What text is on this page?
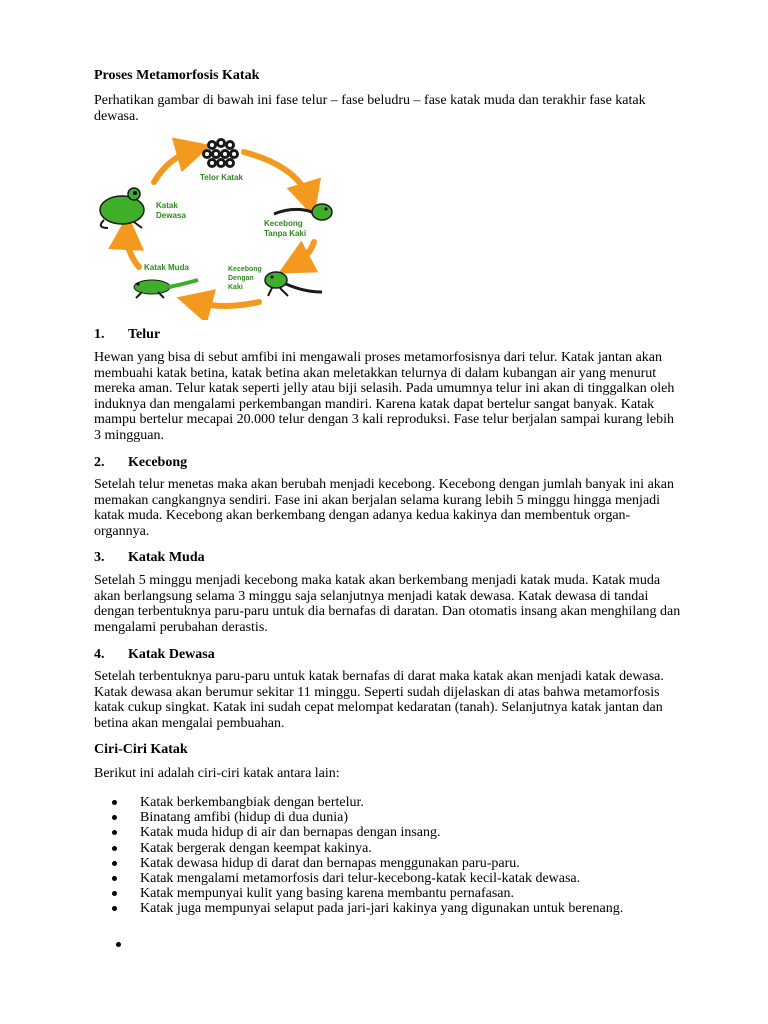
Proses Metamorfosis Katak
Perhatikan gambar di bawah ini fase telur – fase beludru – fase katak muda dan terakhir fase katak dewasa.
Telor Katak
Kecebong Tanpa Kaki
Kecebong Dengan Kaki
Katak Muda
Katak Dewasa
1. Telur
Hewan yang bisa di sebut amfibi ini mengawali proses metamorfosisnya dari telur. Katak jantan akan membuahi katak betina, katak betina akan meletakkan telurnya di dalam kubangan air yang menurut mereka aman. Telur katak seperti jelly atau biji selasih. Pada umumnya telur ini akan di tinggalkan oleh induknya dan mengalami perkembangan mandiri. Karena katak dapat bertelur sangat banyak. Katak mampu bertelur mecapai 20.000 telur dengan 3 kali reproduksi. Fase telur berjalan sampai kurang lebih 3 mingguan.
2. Kecebong
Setelah telur menetas maka akan berubah menjadi kecebong. Kecebong dengan jumlah banyak ini akan memakan cangkangnya sendiri. Fase ini akan berjalan selama kurang lebih 5 minggu hingga menjadi katak muda. Kecebong akan berkembang dengan adanya kedua kakinya dan membentuk organ-organnya.
3. Katak Muda
Setelah 5 minggu menjadi kecebong maka katak akan berkembang menjadi katak muda. Katak muda akan berlangsung selama 3 minggu saja selanjutnya menjadi katak dewasa. Katak dewasa di tandai dengan terbentuknya paru-paru untuk dia bernafas di daratan. Dan otomatis insang akan menghilang dan mengalami perubahan derastis.
4. Katak Dewasa
Setelah terbentuknya paru-paru untuk katak bernafas di darat maka katak akan menjadi katak dewasa. Katak dewasa akan berumur sekitar 11 minggu. Seperti sudah dijelaskan di atas bahwa metamorfosis katak cukup singkat. Katak ini sudah cepat melompat kedaratan (tanah). Selanjutnya katak jantan dan betina akan mengalai pembuahan.
Ciri-Ciri Katak
Berikut ini adalah ciri-ciri katak antara lain:
Katak berkembangbiak dengan bertelur.
Binatang amfibi (hidup di dua dunia)
Katak muda hidup di air dan bernapas dengan insang.
Katak bergerak dengan keempat kakinya.
Katak dewasa hidup di darat dan bernapas menggunakan paru-paru.
Katak mengalami metamorfosis dari telur-kecebong-katak kecil-katak dewasa.
Katak mempunyai kulit yang basing karena membantu pernafasan.
Katak juga mempunyai selaput pada jari-jari kakinya yang digunakan untuk berenang.
